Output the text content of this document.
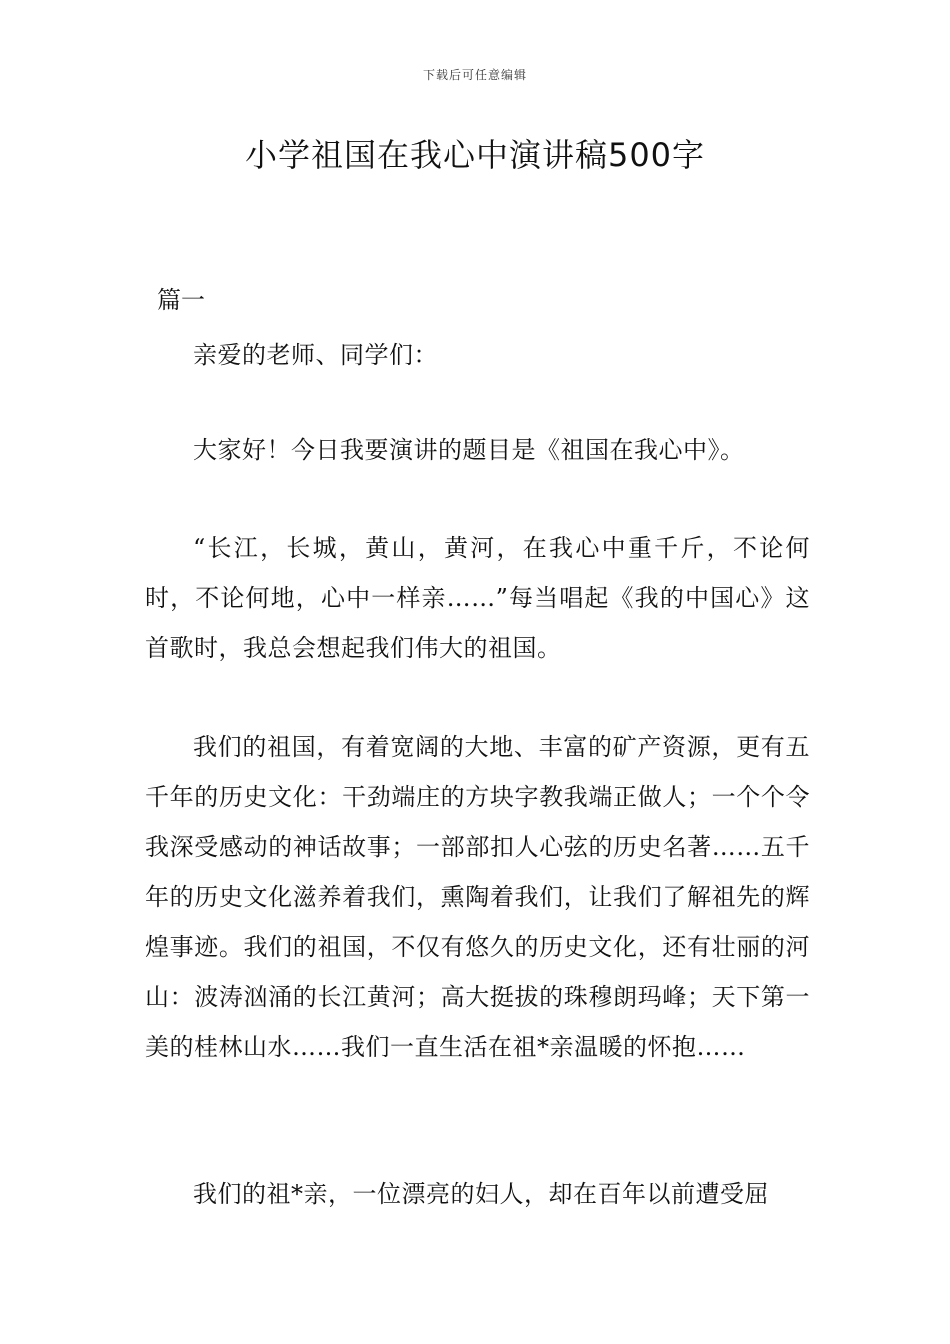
下载后可任意编辑
小学祖国在我心中演讲稿500字
篇一

亲爱的老师、同学们：

大家好！今日我要演讲的题目是《祖国在我心中》。

“长江，长城，黄山，黄河，在我心中重千斤，不论何时，不论何地，心中一样亲……”每当唱起《我的中国心》这首歌时，我总会想起我们伟大的祖国。

我们的祖国，有着宽阔的大地、丰富的矿产资源，更有五千年的历史文化：干劲端庄的方块字教我端正做人；一个个令我深受感动的神话故事；一部部扣人心弦的历史名著……五千年的历史文化滋养着我们，熏陶着我们，让我们了解祖先的辉煌事迹。我们的祖国，不仅有悠久的历史文化，还有壮丽的河山：波涛汹涌的长江黄河；高大挺拔的珠穆朗玛峰；天下第一美的桂林山水……我们一直生活在祖*亲温暖的怀抱……

我们的祖*亲，一位漂亮的妇人，却在百年以前遭受屈
